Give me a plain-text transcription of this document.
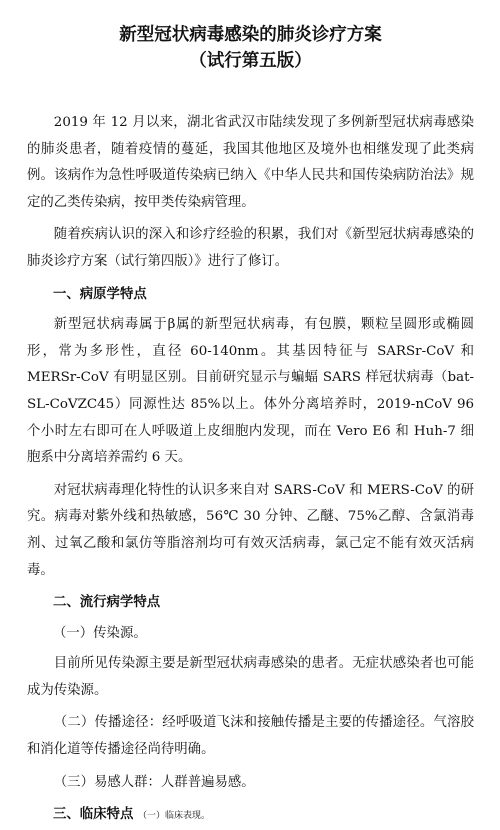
新型冠状病毒感染的肺炎诊疗方案

（试行第五版）

2019 年 12 月以来，湖北省武汉市陆续发现了多例新型冠状病毒感染的肺炎患者，随着疫情的蔓延，我国其他地区及境外也相继发现了此类病例。该病作为急性呼吸道传染病已纳入《中华人民共和国传染病防治法》规定的乙类传染病，按甲类传染病管理。

随着疾病认识的深入和诊疗经验的积累，我们对《新型冠状病毒感染的肺炎诊疗方案（试行第四版）》进行了修订。

一、病原学特点

新型冠状病毒属于β属的新型冠状病毒，有包膜，颗粒呈圆形或椭圆形，常为多形性，直径 60-140nm。其基因特征与 SARSr-CoV 和 MERSr-CoV 有明显区别。目前研究显示与蝙蝠 SARS 样冠状病毒（bat-SL-CoVZC45）同源性达 85%以上。体外分离培养时，2019-nCoV 96 个小时左右即可在人呼吸道上皮细胞内发现，而在 Vero E6 和 Huh-7 细胞系中分离培养需约 6 天。

对冠状病毒理化特性的认识多来自对 SARS-CoV 和 MERS-CoV 的研究。病毒对紫外线和热敏感，56℃ 30 分钟、乙醚、75%乙醇、含氯消毒剂、过氧乙酸和氯仿等脂溶剂均可有效灭活病毒，氯己定不能有效灭活病毒。

二、流行病学特点

（一）传染源。

目前所见传染源主要是新型冠状病毒感染的患者。无症状感染者也可能成为传染源。

（二）传播途径：经呼吸道飞沫和接触传播是主要的传播途径。气溶胶和消化道等传播途径尚待明确。

（三）易感人群：人群普遍易感。

三、临床特点 （一）临床表现。
